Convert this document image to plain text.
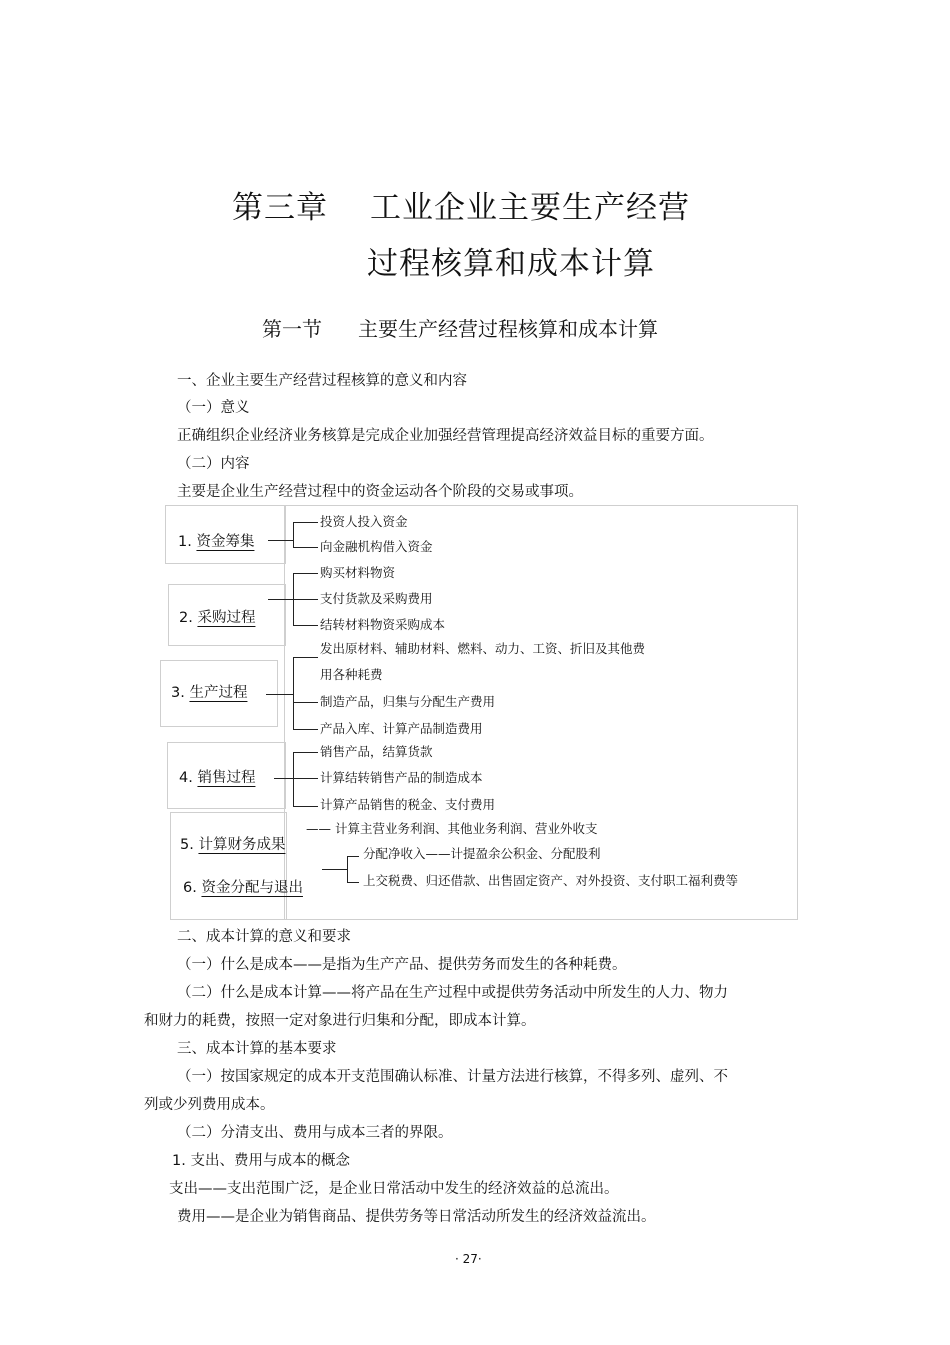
第三章 工业企业主要生产经营
过程核算和成本计算
第一节 主要生产经营过程核算和成本计算
一、企业主要生产经营过程核算的意义和内容
（一）意义
正确组织企业经济业务核算是完成企业加强经营管理提高经济效益目标的重要方面。
（二）内容
主要是企业生产经营过程中的资金运动各个阶段的交易或事项。
1. 资金筹集
投资人投入资金
向金融机构借入资金
2. 采购过程
购买材料物资
支付货款及采购费用
结转材料物资采购成本
3. 生产过程
发出原材料、辅助材料、燃料、动力、工资、折旧及其他费
用各种耗费
制造产品，归集与分配生产费用
产品入库、计算产品制造费用
4. 销售过程
销售产品，结算货款
计算结转销售产品的制造成本
计算产品销售的税金、支付费用
5. 计算财务成果
—— 计算主营业务利润、其他业务利润、营业外收支
6. 资金分配与退出
分配净收入——计提盈余公积金、分配股利
上交税费、归还借款、出售固定资产、对外投资、支付职工福利费等
二、成本计算的意义和要求
（一）什么是成本——是指为生产产品、提供劳务而发生的各种耗费。
（二）什么是成本计算——将产品在生产过程中或提供劳务活动中所发生的人力、物力
和财力的耗费，按照一定对象进行归集和分配，即成本计算。
三、成本计算的基本要求
（一）按国家规定的成本开支范围确认标准、计量方法进行核算，不得多列、虚列、不
列或少列费用成本。
（二）分清支出、费用与成本三者的界限。
1. 支出、费用与成本的概念
支出——支出范围广泛，是企业日常活动中发生的经济效益的总流出。
费用——是企业为销售商品、提供劳务等日常活动所发生的经济效益流出。
· 27·
